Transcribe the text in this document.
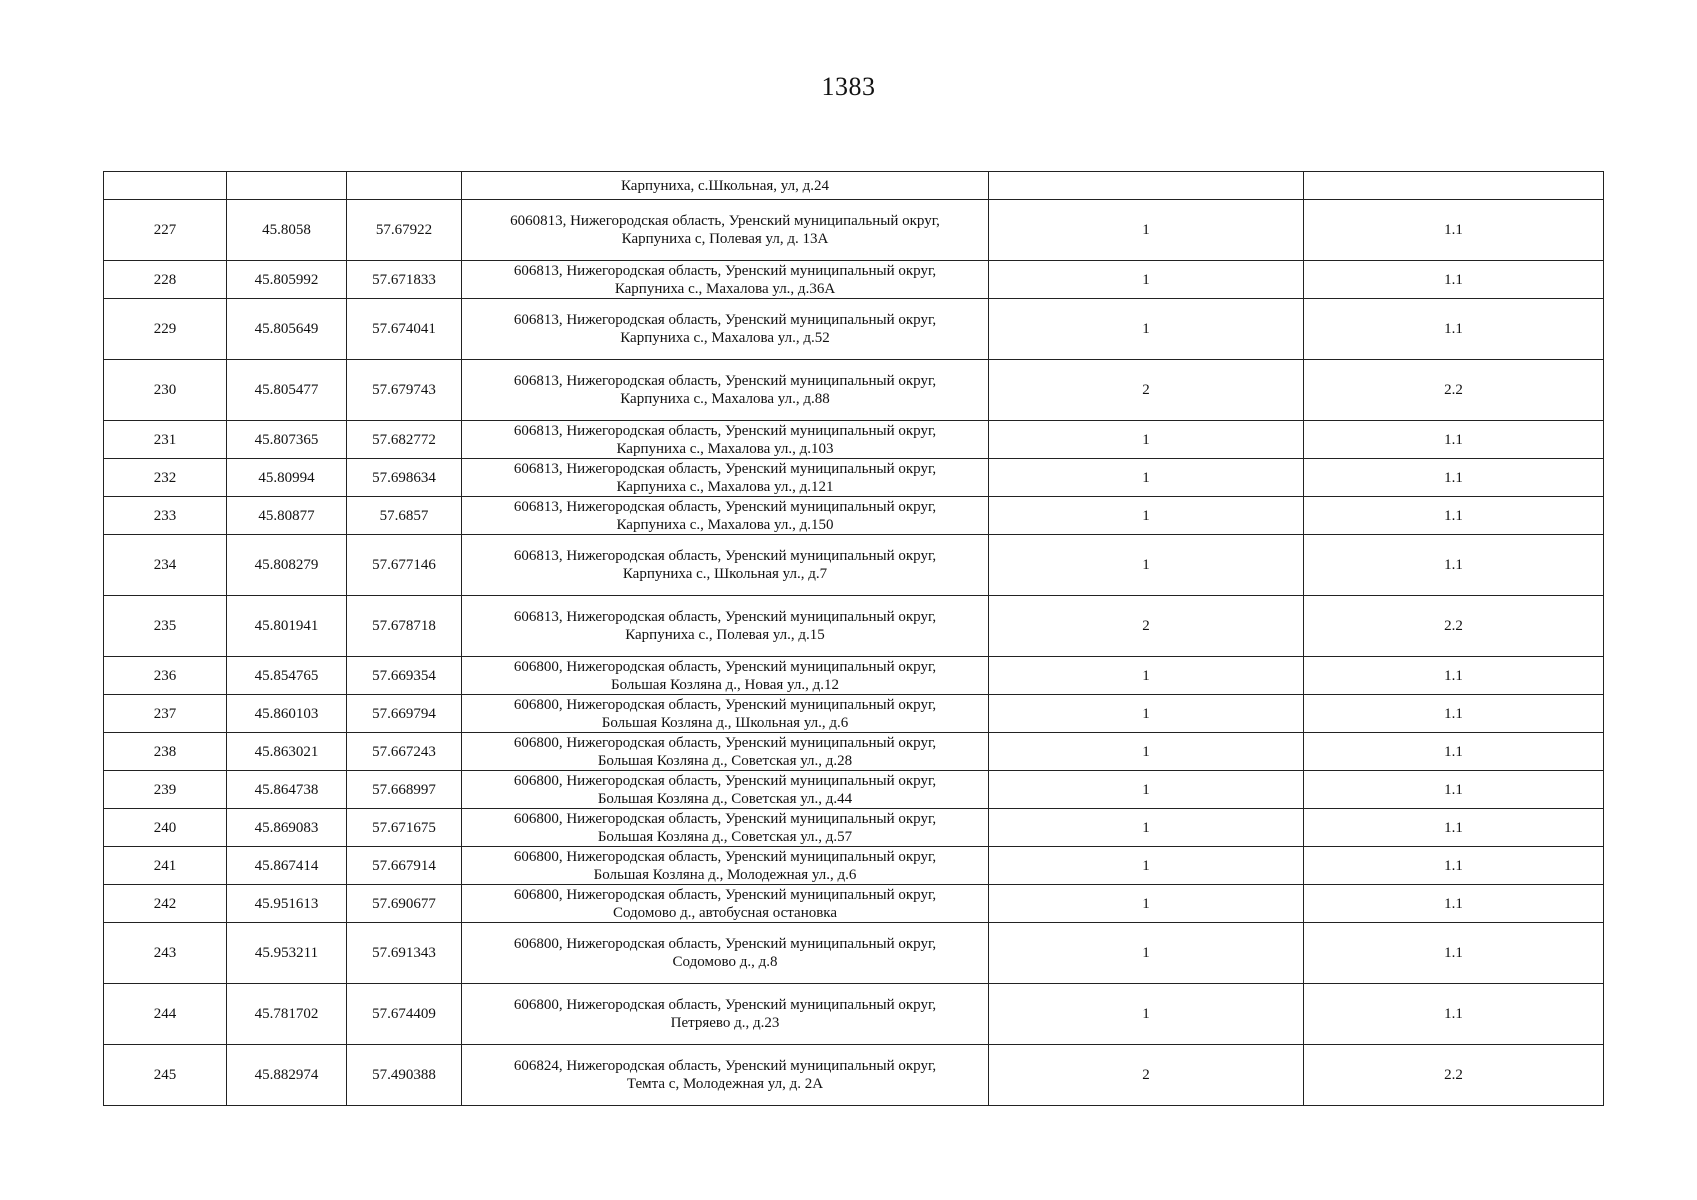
1383
			Карпуниха, с.Школьная, ул, д.24		
227	45.8058	57.67922	6060813, Нижегородская область, Уренский муниципальный округ,
Карпуниха с, Полевая ул, д. 13А	1	1.1
228	45.805992	57.671833	606813, Нижегородская область, Уренский муниципальный округ,
Карпуниха с., Махалова ул., д.36А	1	1.1
229	45.805649	57.674041	606813, Нижегородская область, Уренский муниципальный округ,
Карпуниха с., Махалова ул., д.52	1	1.1
230	45.805477	57.679743	606813, Нижегородская область, Уренский муниципальный округ,
Карпуниха с., Махалова ул., д.88	2	2.2
231	45.807365	57.682772	606813, Нижегородская область, Уренский муниципальный округ,
Карпуниха с., Махалова ул., д.103	1	1.1
232	45.80994	57.698634	606813, Нижегородская область, Уренский муниципальный округ,
Карпуниха с., Махалова ул., д.121	1	1.1
233	45.80877	57.6857	606813, Нижегородская область, Уренский муниципальный округ,
Карпуниха с., Махалова ул., д.150	1	1.1
234	45.808279	57.677146	606813, Нижегородская область, Уренский муниципальный округ,
Карпуниха с., Школьная ул., д.7	1	1.1
235	45.801941	57.678718	606813, Нижегородская область, Уренский муниципальный округ,
Карпуниха с., Полевая ул., д.15	2	2.2
236	45.854765	57.669354	606800, Нижегородская область, Уренский муниципальный округ,
Большая Козляна д., Новая ул., д.12	1	1.1
237	45.860103	57.669794	606800, Нижегородская область, Уренский муниципальный округ,
Большая Козляна д., Школьная ул., д.6	1	1.1
238	45.863021	57.667243	606800, Нижегородская область, Уренский муниципальный округ,
Большая Козляна д., Советская ул., д.28	1	1.1
239	45.864738	57.668997	606800, Нижегородская область, Уренский муниципальный округ,
Большая Козляна д., Советская ул., д.44	1	1.1
240	45.869083	57.671675	606800, Нижегородская область, Уренский муниципальный округ,
Большая Козляна д., Советская ул., д.57	1	1.1
241	45.867414	57.667914	606800, Нижегородская область, Уренский муниципальный округ,
Большая Козляна д., Молодежная ул., д.6	1	1.1
242	45.951613	57.690677	606800, Нижегородская область, Уренский муниципальный округ,
Содомово д., автобусная остановка	1	1.1
243	45.953211	57.691343	606800, Нижегородская область, Уренский муниципальный округ,
Содомово д., д.8	1	1.1
244	45.781702	57.674409	606800, Нижегородская область, Уренский муниципальный округ,
Петряево д., д.23	1	1.1
245	45.882974	57.490388	606824, Нижегородская область, Уренский муниципальный округ,
Темта с, Молодежная ул, д. 2А	2	2.2
